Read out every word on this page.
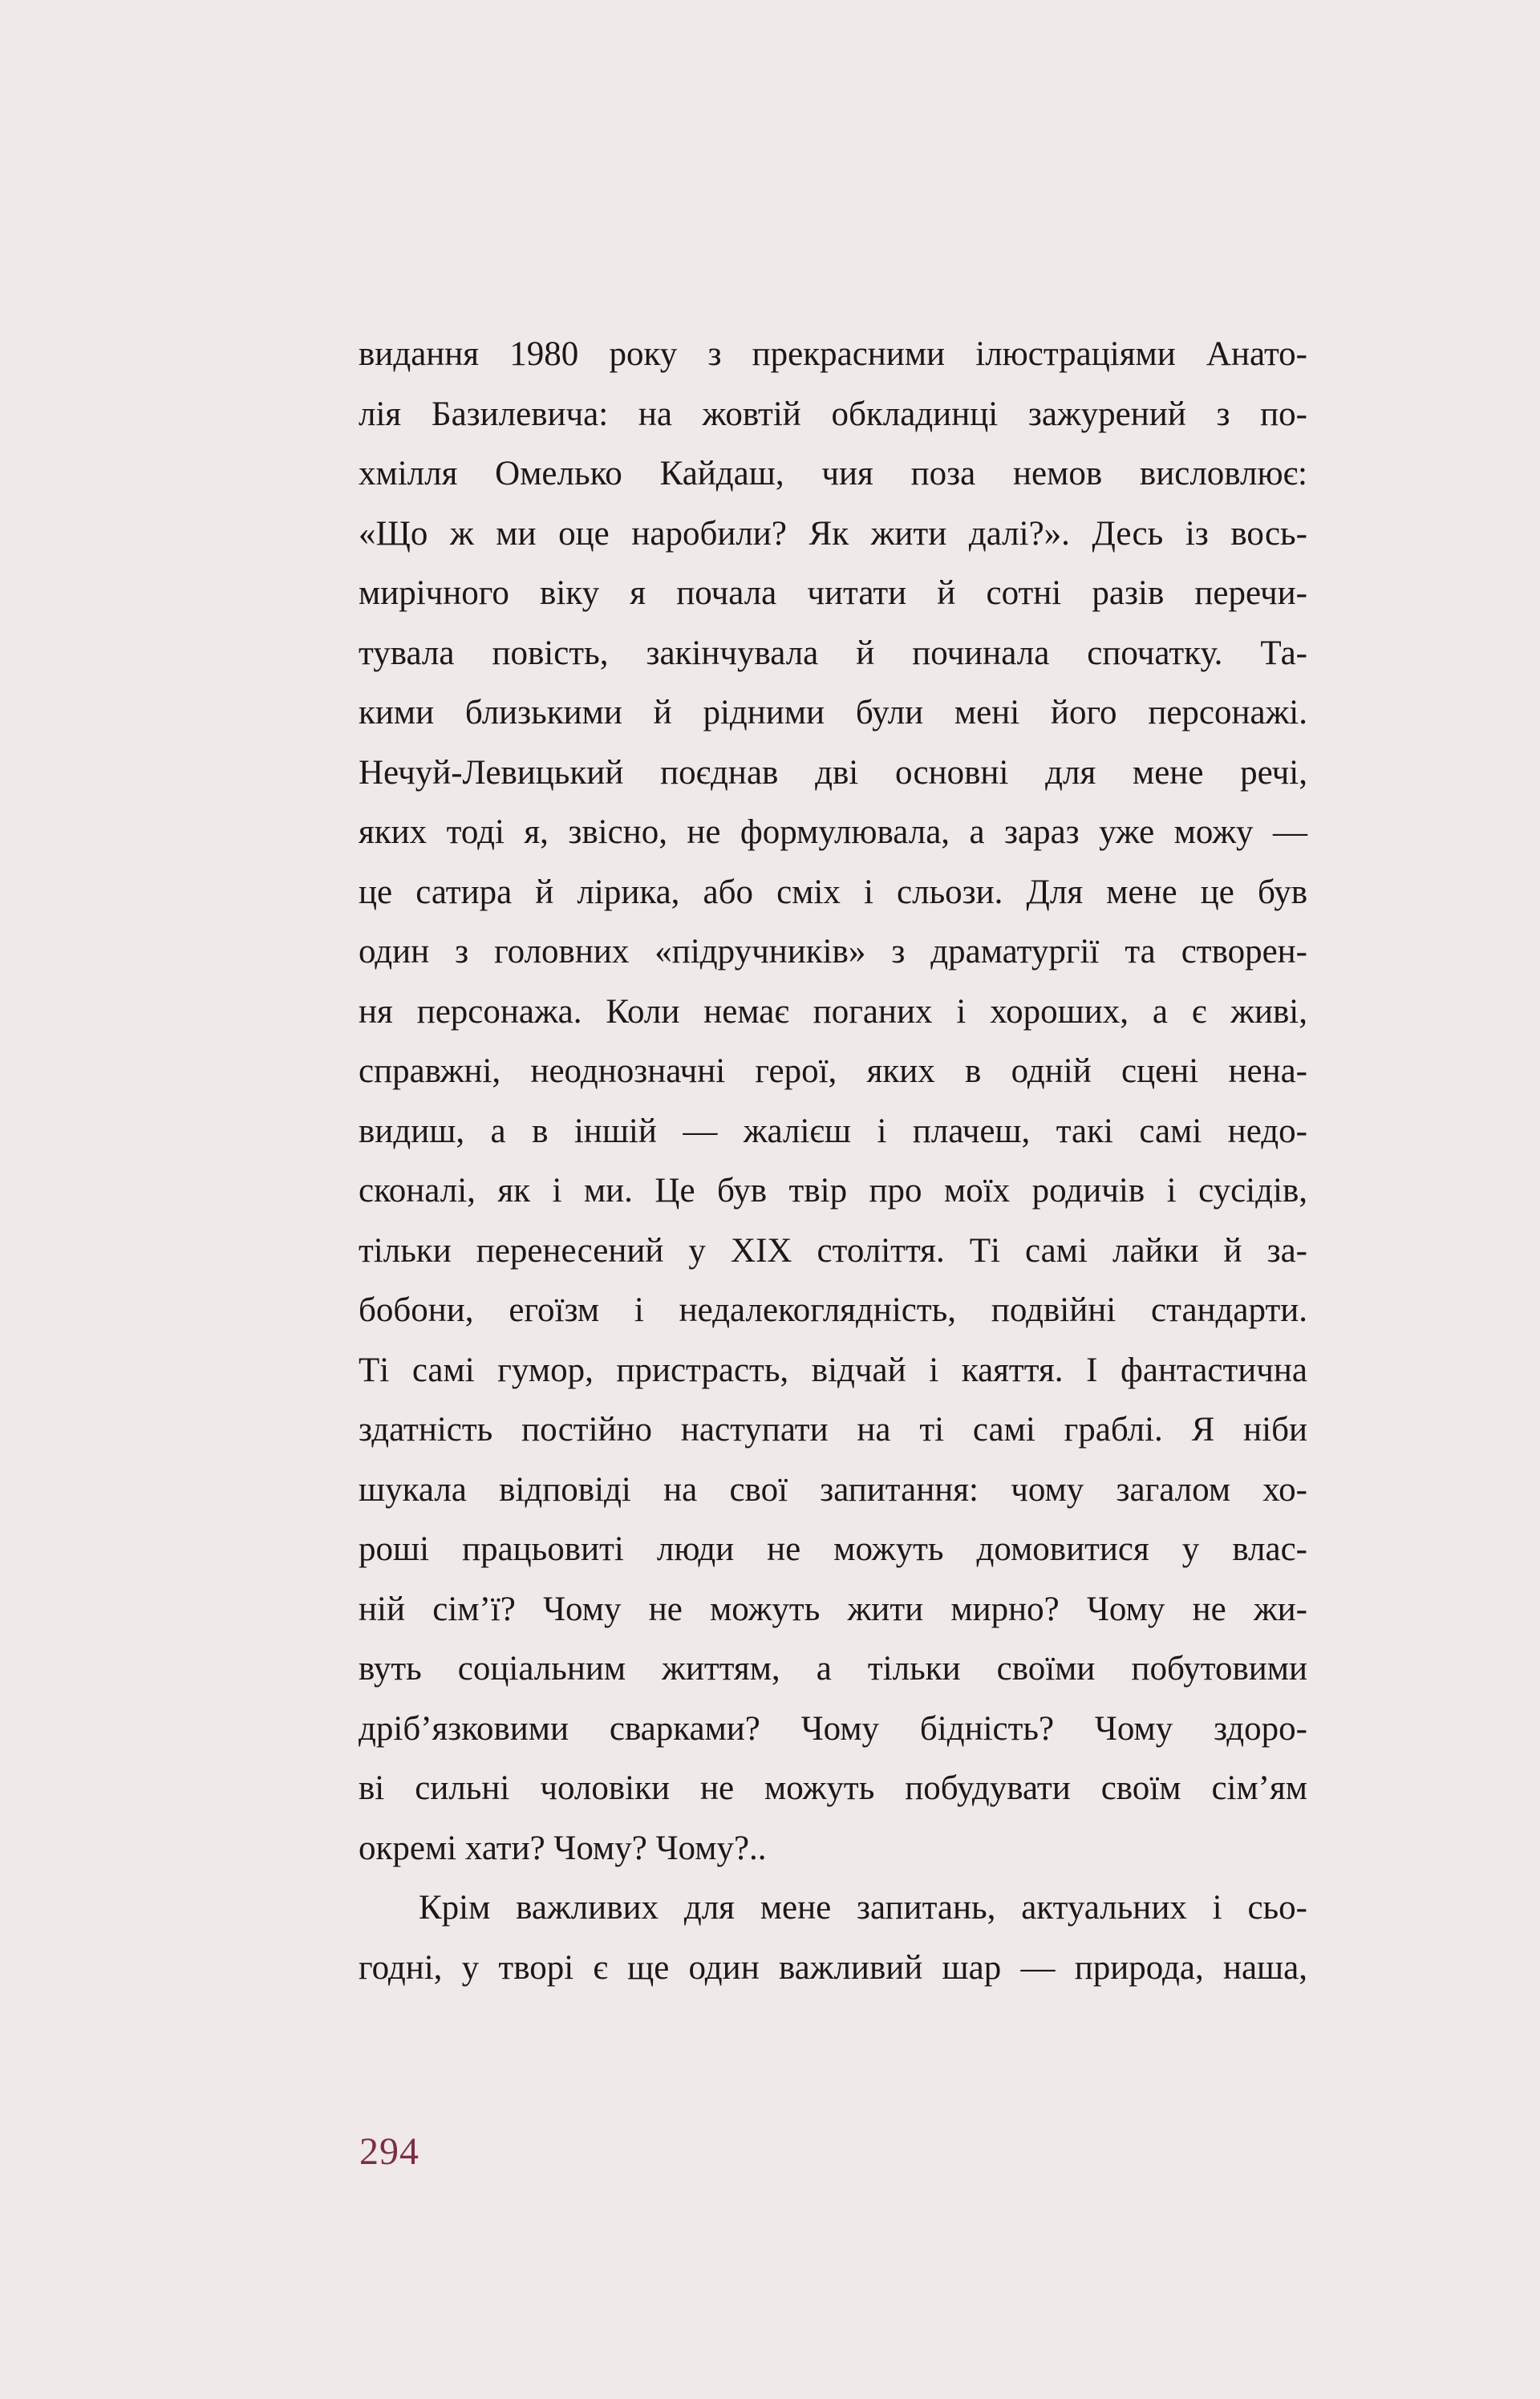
видання 1980 року з прекрасними ілюстраціями Анато-
лія Базилевича: на жовтій обкладинці зажурений з по-
хмілля Омелько Кайдаш, чия поза немов висловлює:
«Що ж ми оце наробили? Як жити далі?». Десь із вось-
мирічного віку я почала читати й сотні разів перечи-
тувала повість, закінчувала й починала спочатку. Та-
кими близькими й рідними були мені його персонажі.
Нечуй-Левицький поєднав дві основні для мене речі,
яких тоді я, звісно, не формулювала, а зараз уже можу —
це сатира й лірика, або сміх і сльози. Для мене це був
один з головних «підручників» з драматургії та створен-
ня персонажа. Коли немає поганих і хороших, а є живі,
справжні, неоднозначні герої, яких в одній сцені нена-
видиш, а в іншій — жалієш і плачеш, такі самі недо-
сконалі, як і ми. Це був твір про моїх родичів і сусідів,
тільки перенесений у XIX століття. Ті самі лайки й за-
бобони, егоїзм і недалекоглядність, подвійні стандарти.
Ті самі гумор, пристрасть, відчай і каяття. І фантастична
здатність постійно наступати на ті самі граблі. Я ніби
шукала відповіді на свої запитання: чому загалом хо-
роші працьовиті люди не можуть домовитися у влас-
ній сім’ї? Чому не можуть жити мирно? Чому не жи-
вуть соціальним життям, а тільки своїми побутовими
дріб’язковими сварками? Чому бідність? Чому здоро-
ві сильні чоловіки не можуть побудувати своїм сім’ям
окремі хати? Чому? Чому?..
Крім важливих для мене запитань, актуальних і сьо-
годні, у творі є ще один важливий шар — природа, наша,
294
